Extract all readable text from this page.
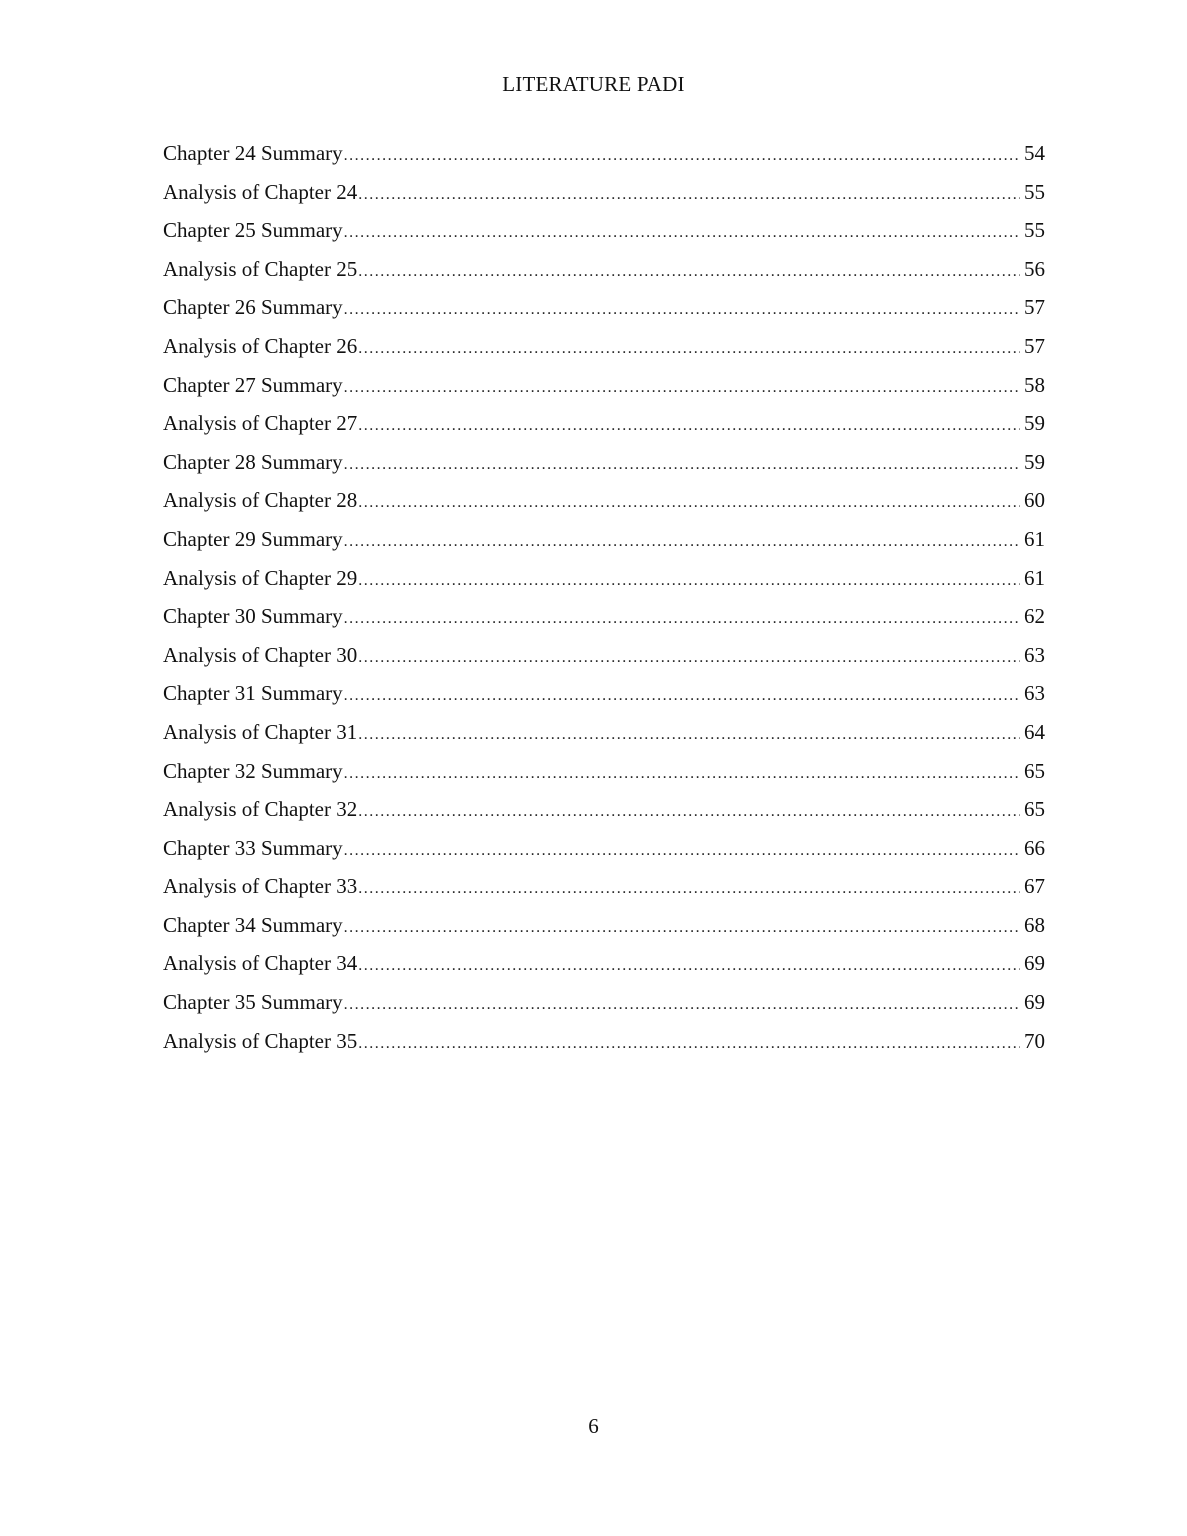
LITERATURE PADI
Chapter 24 Summary .....	54
Analysis of Chapter 24 .....	55
Chapter 25 Summary .....	55
Analysis of Chapter 25 .....	56
Chapter 26 Summary .....	57
Analysis of Chapter 26 .....	57
Chapter 27 Summary .....	58
Analysis of Chapter 27 .....	59
Chapter 28 Summary .....	59
Analysis of Chapter 28 .....	60
Chapter 29 Summary .....	61
Analysis of Chapter 29 .....	61
Chapter 30 Summary .....	62
Analysis of Chapter 30 .....	63
Chapter 31 Summary .....	63
Analysis of Chapter 31 .....	64
Chapter 32 Summary .....	65
Analysis of Chapter 32 .....	65
Chapter 33 Summary .....	66
Analysis of Chapter 33 .....	67
Chapter 34 Summary .....	68
Analysis of Chapter 34 .....	69
Chapter 35 Summary .....	69
Analysis of Chapter 35 .....	70
6
